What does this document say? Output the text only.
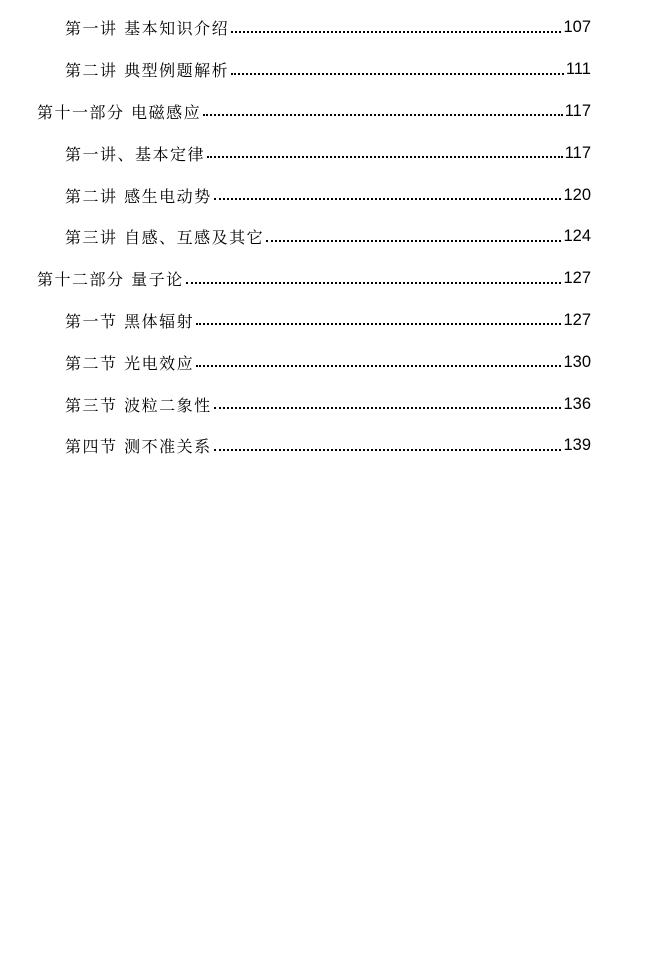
第一讲 基本知识介绍	107
第二讲 典型例题解析	111
第十一部分 电磁感应	117
第一讲、基本定律	117
第二讲 感生电动势	120
第三讲 自感、互感及其它	124
第十二部分 量子论	127
第一节 黑体辐射	127
第二节 光电效应	130
第三节 波粒二象性	136
第四节 测不准关系	139
